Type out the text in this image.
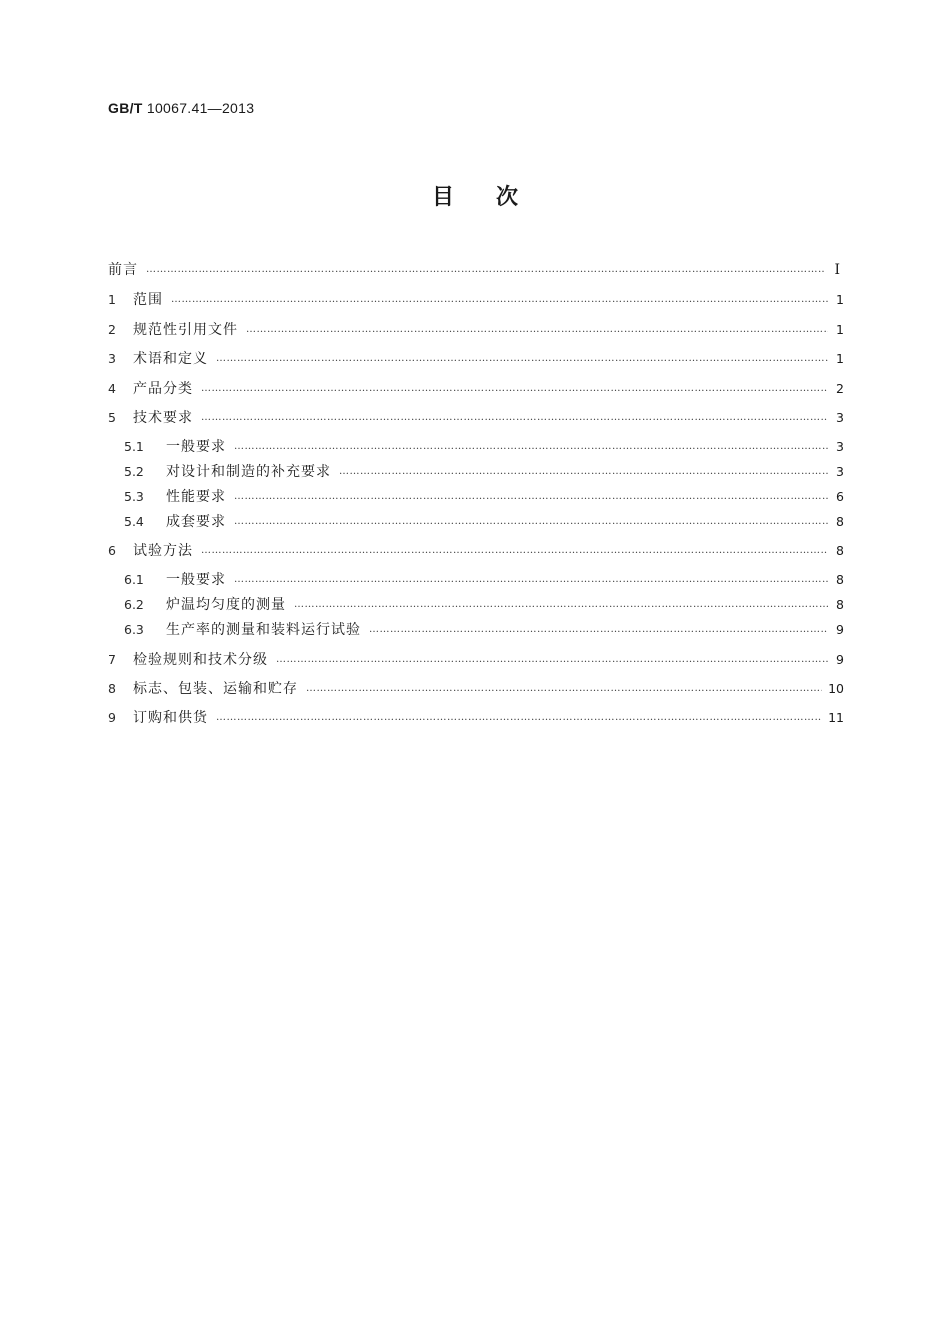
GB/T 10067.41—2013
目次
前言 ………………………………………………………………………………………………………………………………………………………………………………………………………………………………………………	Ⅰ
1	范围 ………………………………………………………………………………………………………………………………………………………………………………………………………………………………………………	1
2	规范性引用文件 ………………………………………………………………………………………………………………………………………………………………………………………………………………………………………………	1
3	术语和定义 ………………………………………………………………………………………………………………………………………………………………………………………………………………………………………………	1
4	产品分类 ………………………………………………………………………………………………………………………………………………………………………………………………………………………………………………	2
5	技术要求 ………………………………………………………………………………………………………………………………………………………………………………………………………………………………………………	3
5.1	一般要求 ………………………………………………………………………………………………………………………………………………………………………………………………………………………………………………	3
5.2	对设计和制造的补充要求 ………………………………………………………………………………………………………………………………………………………………………………………………………………………………………………	3
5.3	性能要求 ………………………………………………………………………………………………………………………………………………………………………………………………………………………………………………	6
5.4	成套要求 ………………………………………………………………………………………………………………………………………………………………………………………………………………………………………………	8
6	试验方法 ………………………………………………………………………………………………………………………………………………………………………………………………………………………………………………	8
6.1	一般要求 ………………………………………………………………………………………………………………………………………………………………………………………………………………………………………………	8
6.2	炉温均匀度的测量 ………………………………………………………………………………………………………………………………………………………………………………………………………………………………………………	8
6.3	生产率的测量和装料运行试验 ………………………………………………………………………………………………………………………………………………………………………………………………………………………………………………	9
7	检验规则和技术分级 ………………………………………………………………………………………………………………………………………………………………………………………………………………………………………………	9
8	标志、包装、运输和贮存 ………………………………………………………………………………………………………………………………………………………………………………………………………………………………………………	10
9	订购和供货 ………………………………………………………………………………………………………………………………………………………………………………………………………………………………………………	11
